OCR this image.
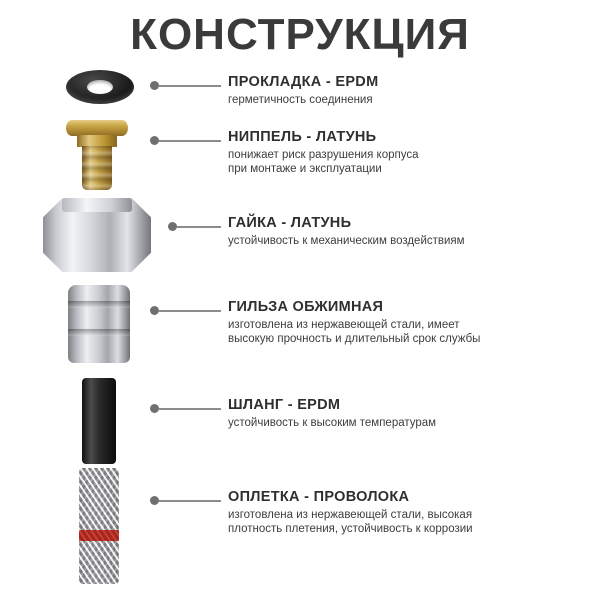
КОНСТРУКЦИЯ
ПРОКЛАДКА - EPDM
герметичность соединения
НИППЕЛЬ - ЛАТУНЬ
понижает риск разрушения корпуса
при монтаже и эксплуатации
ГАЙКА - ЛАТУНЬ
устойчивость к механическим воздействиям
ГИЛЬЗА ОБЖИМНАЯ
изготовлена из нержавеющей стали, имеет
высокую прочность и длительный срок службы
ШЛАНГ - EPDM
устойчивость к высоким температурам
ОПЛЕТКА - ПРОВОЛОКА
изготовлена из нержавеющей стали, высокая
плотность плетения, устойчивость к коррозии
